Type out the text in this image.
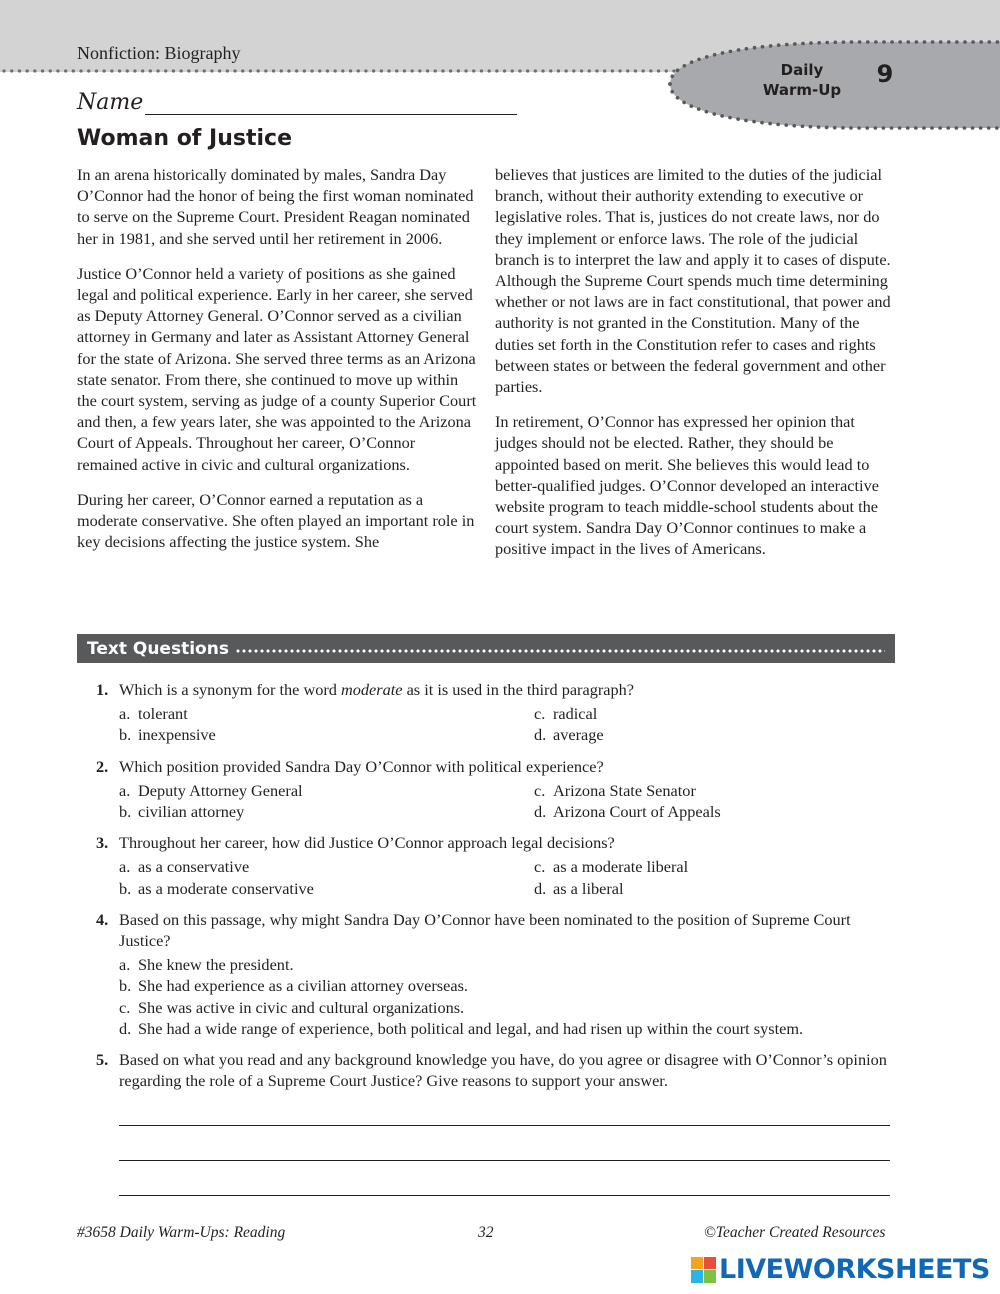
Nonfiction: Biography
Daily
Warm-Up
9
Name
Woman of Justice

In an arena historically dominated by males, Sandra Day O’Connor had the honor of being the first woman nominated to serve on the Supreme Court. President Reagan nominated her in 1981, and she served until her retirement in 2006.

Justice O’Connor held a variety of positions as she gained legal and political experience. Early in her career, she served as Deputy Attorney General. O’Connor served as a civilian attorney in Germany and later as Assistant Attorney General for the state of Arizona. She served three terms as an Arizona state senator. From there, she continued to move up within the court system, serving as judge of a county Superior Court and then, a few years later, she was appointed to the Arizona Court of Appeals. Throughout her career, O’Connor remained active in civic and cultural organizations.

During her career, O’Connor earned a reputation as a moderate conservative. She often played an important role in key decisions affecting the justice system. She

believes that justices are limited to the duties of the judicial branch, without their authority extending to executive or legislative roles. That is, justices do not create laws, nor do they implement or enforce laws. The role of the judicial branch is to interpret the law and apply it to cases of dispute. Although the Supreme Court spends much time determining whether or not laws are in fact constitutional, that power and authority is not granted in the Constitution. Many of the duties set forth in the Constitution refer to cases and rights between states or between the federal government and other parties.

In retirement, O’Connor has expressed her opinion that judges should not be elected. Rather, they should be appointed based on merit. She believes this would lead to better-qualified judges. O’Connor developed an interactive website program to teach middle-school students about the court system. Sandra Day O’Connor continues to make a positive impact in the lives of Americans.

Text Questions
1. Which is a synonym for the word moderate as it is used in the third paragraph?
a. tolerant	c. radical
b. inexpensive	d. average
2. Which position provided Sandra Day O’Connor with political experience?
a. Deputy Attorney General	c. Arizona State Senator
b. civilian attorney	d. Arizona Court of Appeals
3. Throughout her career, how did Justice O’Connor approach legal decisions?
a. as a conservative	c. as a moderate liberal
b. as a moderate conservative	d. as a liberal
4. Based on this passage, why might Sandra Day O’Connor have been nominated to the position of Supreme Court Justice?
a. She knew the president.
b. She had experience as a civilian attorney overseas.
c. She was active in civic and cultural organizations.
d. She had a wide range of experience, both political and legal, and had risen up within the court system.
5. Based on what you read and any background knowledge you have, do you agree or disagree with O’Connor’s opinion regarding the role of a Supreme Court Justice? Give reasons to support your answer.
#3658 Daily Warm-Ups: Reading	32	©Teacher Created Resources
LIVEWORKSHEETS
